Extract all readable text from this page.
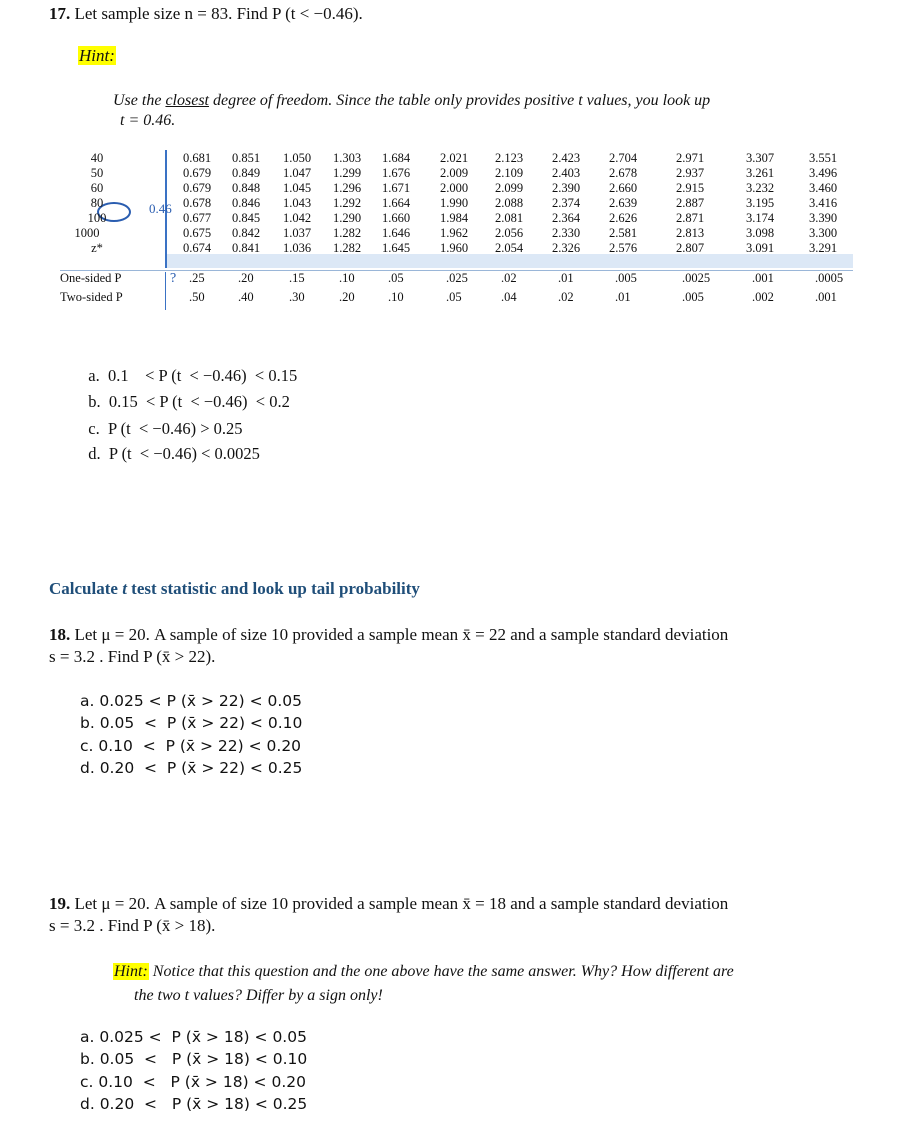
17. Let sample size n = 83. Find P (t < −0.46).
Hint:
Use the closest degree of freedom. Since the table only provides positive t values, you look up
t = 0.46.
0.46
?
40	0.681 0.851 1.050 1.303 1.684 2.021 2.123 2.423 2.704	2.971	3.307	3.551
50	0.679 0.849 1.047 1.299 1.676 2.009 2.109 2.403 2.678	2.937	3.261	3.496
60	0.679 0.848 1.045 1.296 1.671 2.000 2.099 2.390 2.660	2.915	3.232	3.460
80	0.678 0.846 1.043 1.292 1.664 1.990 2.088 2.374 2.639	2.887	3.195	3.416
100	0.677 0.845 1.042 1.290 1.660 1.984 2.081 2.364 2.626	2.871	3.174	3.390
1000	0.675 0.842 1.037 1.282 1.646 1.962 2.056 2.330 2.581	2.813	3.098	3.300
z*	0.674 0.841 1.036 1.282 1.645 1.960 2.054 2.326 2.576	2.807	3.091	3.291
One-sided P	.25	.20	.15	.10	.05	.025	.02	.01	.005	.0025	.001	.0005
Two-sided P	.50	.40	.30	.20	.10	.05	.04	.02	.01	.005	.002	.001

a. 0.1    < P (t  < −0.46)  < 0.15

b. 0.15  < P (t  < −0.46)  < 0.2

c. P (t  < −0.46) > 0.25

d. P (t  < −0.46) < 0.0025

Calculate t test statistic and look up tail probability
18. Let μ = 20. A sample of size 10 provided a sample mean x̄ = 22 and a sample standard deviation
s = 3.2 . Find P (x̄ > 22).
a. 0.025 < P (x̄ > 22) < 0.05
b. 0.05  <  P (x̄ > 22) < 0.10
c. 0.10  <  P (x̄ > 22) < 0.20
d. 0.20  <  P (x̄ > 22) < 0.25
19. Let μ = 20. A sample of size 10 provided a sample mean x̄ = 18 and a sample standard deviation
s = 3.2 . Find P (x̄ > 18).
Hint: Notice that this question and the one above have the same answer. Why? How different are
the two t values? Differ by a sign only!
a. 0.025 <  P (x̄ > 18) < 0.05
b. 0.05  <   P (x̄ > 18) < 0.10
c. 0.10  <   P (x̄ > 18) < 0.20
d. 0.20  <   P (x̄ > 18) < 0.25
